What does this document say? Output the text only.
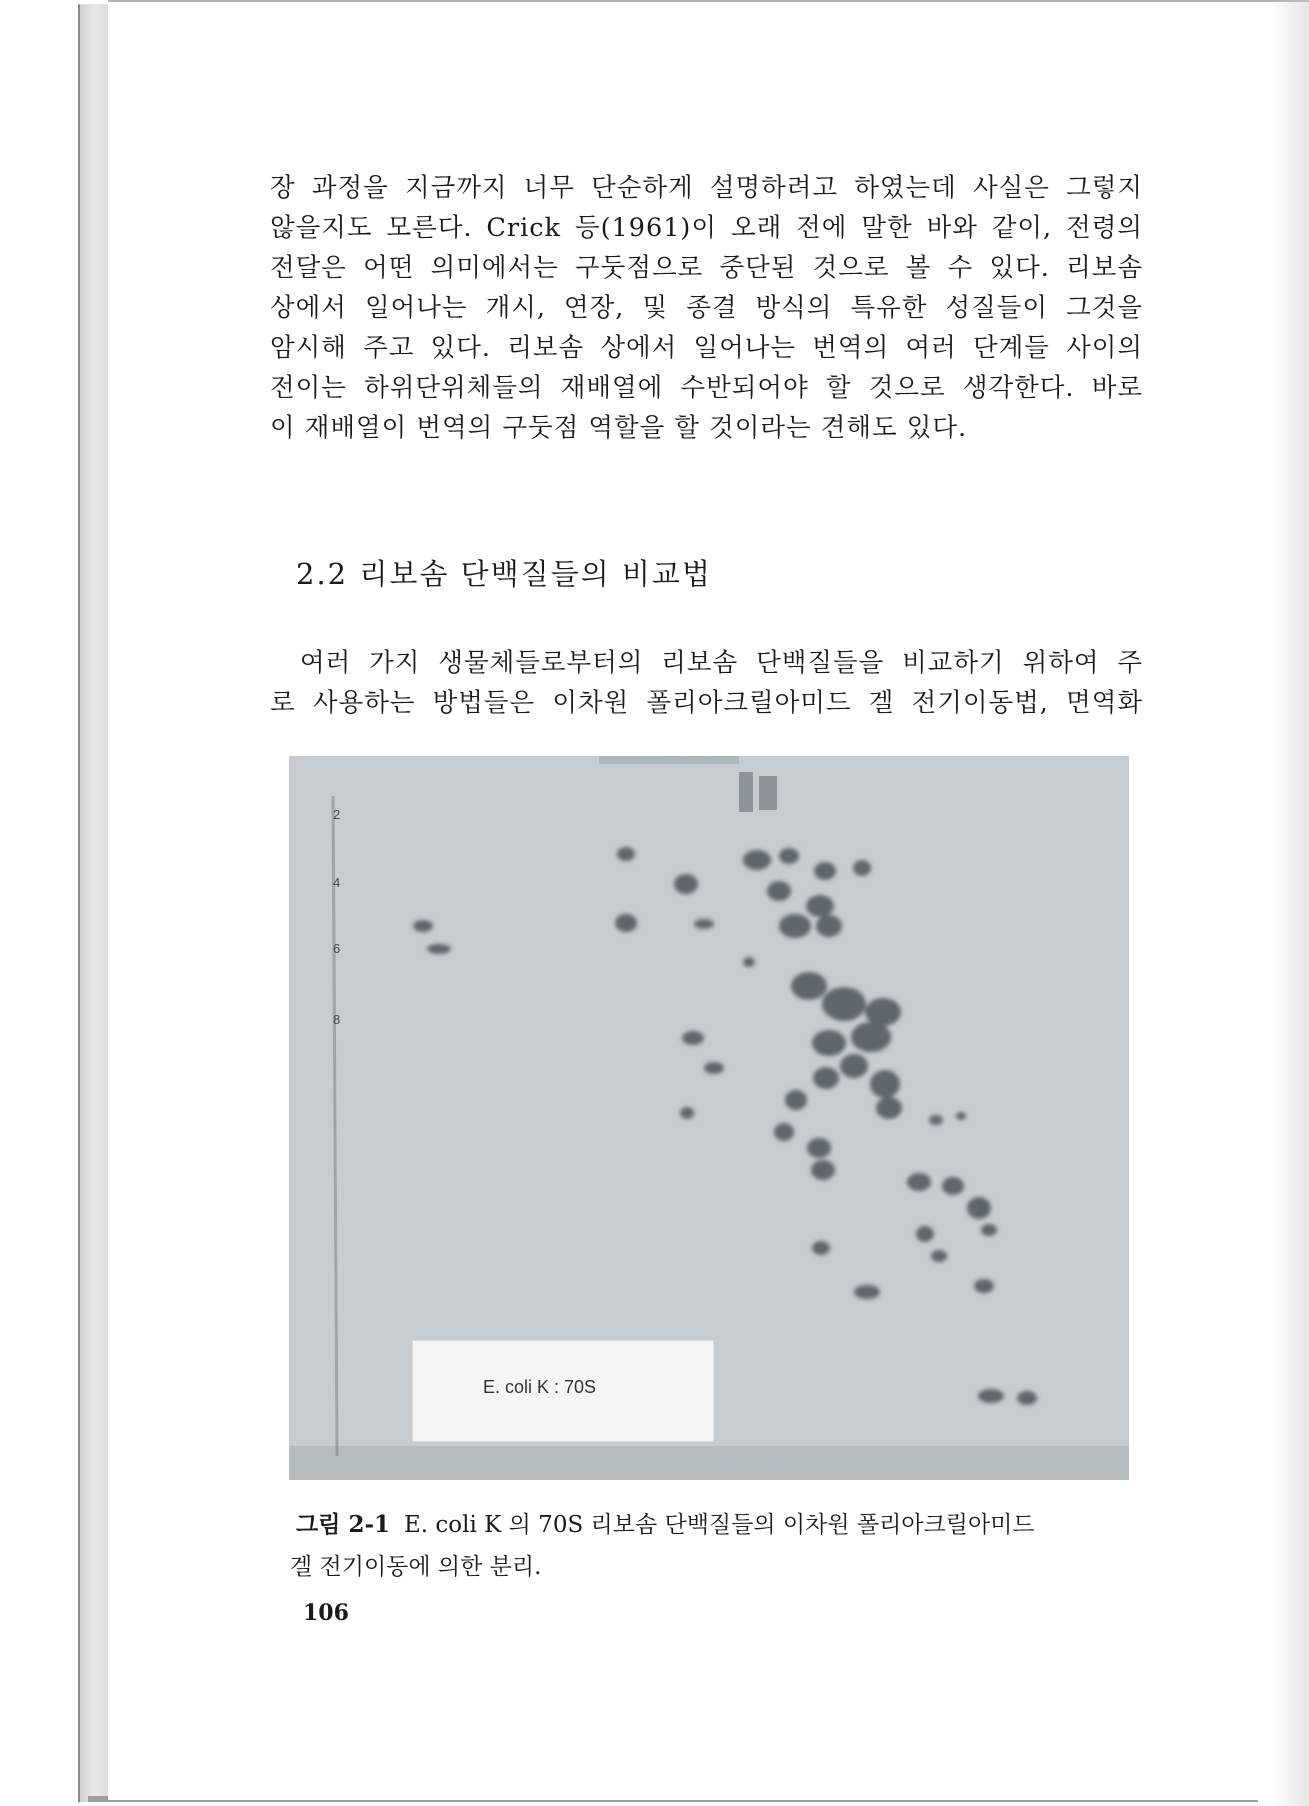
장 과정을 지금까지 너무 단순하게 설명하려고 하였는데 사실은 그렇지
않을지도 모른다. Crick 등(1961)이 오래 전에 말한 바와 같이, 전령의
전달은 어떤 의미에서는 구둣점으로 중단된 것으로 볼 수 있다. 리보솜
상에서 일어나는 개시, 연장, 및 종결 방식의 특유한 성질들이 그것을
암시해 주고 있다. 리보솜 상에서 일어나는 번역의 여러 단계들 사이의
전이는 하위단위체들의 재배열에 수반되어야 할 것으로 생각한다. 바로
이 재배열이 번역의 구둣점 역할을 할 것이라는 견해도 있다.
2.2 리보솜 단백질들의 비교법
여러 가지 생물체들로부터의 리보솜 단백질들을 비교하기 위하여 주
로 사용하는 방법들은 이차원 폴리아크릴아미드 겔 전기이동법, 면역화
2
4
6
8
E. coli K : 70S
그림 2-1 E. coli K 의 70S 리보솜 단백질들의 이차원 폴리아크릴아미드
겔 전기이동에 의한 분리.
106
